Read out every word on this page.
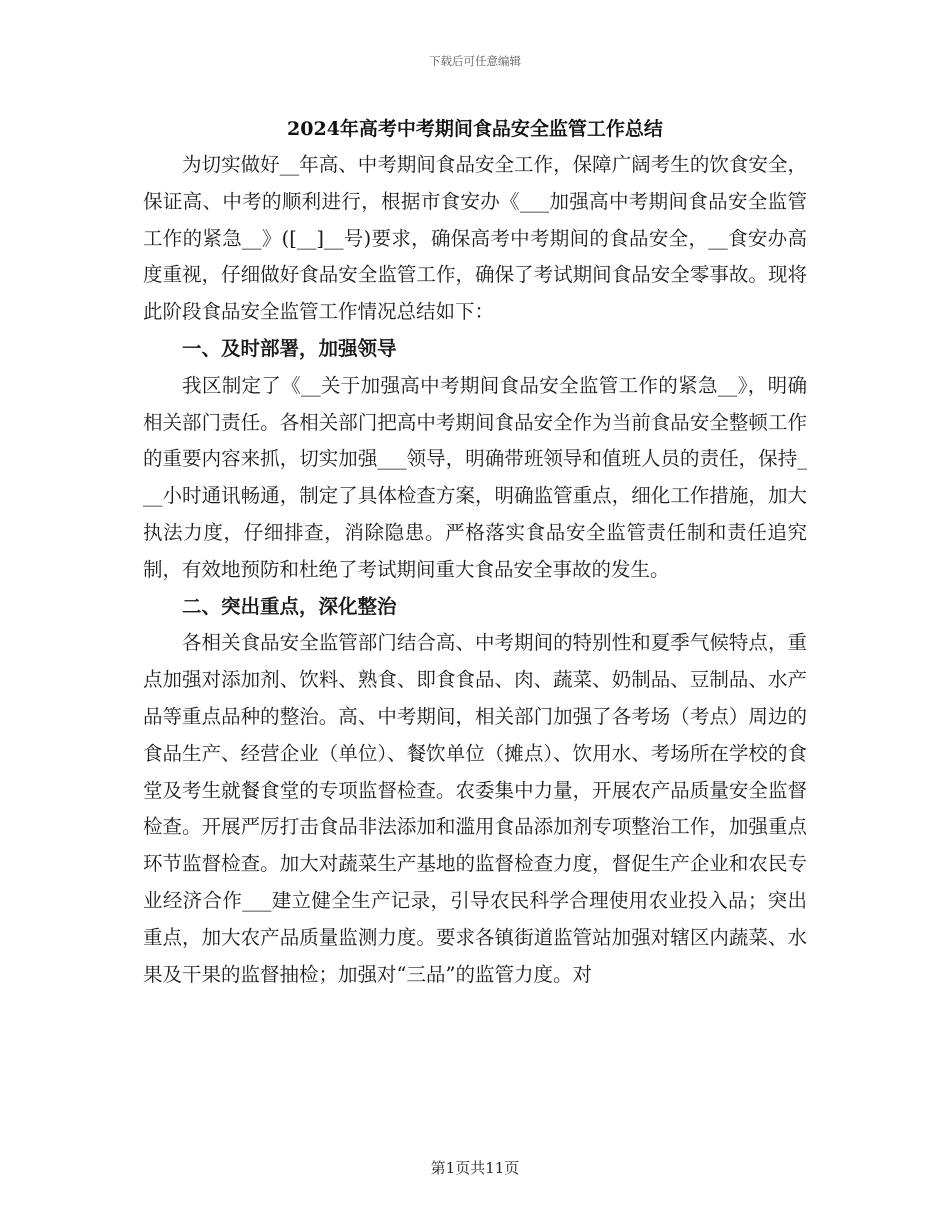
下载后可任意编辑
2024年高考中考期间食品安全监管工作总结

为切实做好__年高、中考期间食品安全工作，保障广阔考生的饮食安全，保证高、中考的顺利进行，根据市食安办《___加强高中考期间食品安全监管工作的紧急__》([__]__号)要求，确保高考中考期间的食品安全，__食安办高度重视，仔细做好食品安全监管工作，确保了考试期间食品安全零事故。现将此阶段食品安全监管工作情况总结如下：

一、及时部署，加强领导

我区制定了《__关于加强高中考期间食品安全监管工作的紧急__》，明确相关部门责任。各相关部门把高中考期间食品安全作为当前食品安全整顿工作的重要内容来抓，切实加强___领导，明确带班领导和值班人员的责任，保持___小时通讯畅通，制定了具体检查方案，明确监管重点，细化工作措施，加大执法力度，仔细排查，消除隐患。严格落实食品安全监管责任制和责任追究制，有效地预防和杜绝了考试期间重大食品安全事故的发生。

二、突出重点，深化整治

各相关食品安全监管部门结合高、中考期间的特别性和夏季气候特点，重点加强对添加剂、饮料、熟食、即食食品、肉、蔬菜、奶制品、豆制品、水产品等重点品种的整治。高、中考期间，相关部门加强了各考场（考点）周边的食品生产、经营企业（单位）、餐饮单位（摊点）、饮用水、考场所在学校的食堂及考生就餐食堂的专项监督检查。农委集中力量，开展农产品质量安全监督检查。开展严厉打击食品非法添加和滥用食品添加剂专项整治工作，加强重点环节监督检查。加大对蔬菜生产基地的监督检查力度，督促生产企业和农民专业经济合作___建立健全生产记录，引导农民科学合理使用农业投入品；突出重点，加大农产品质量监测力度。要求各镇街道监管站加强对辖区内蔬菜、水果及干果的监督抽检；加强对“三品”的监管力度。对

第1页共11页
